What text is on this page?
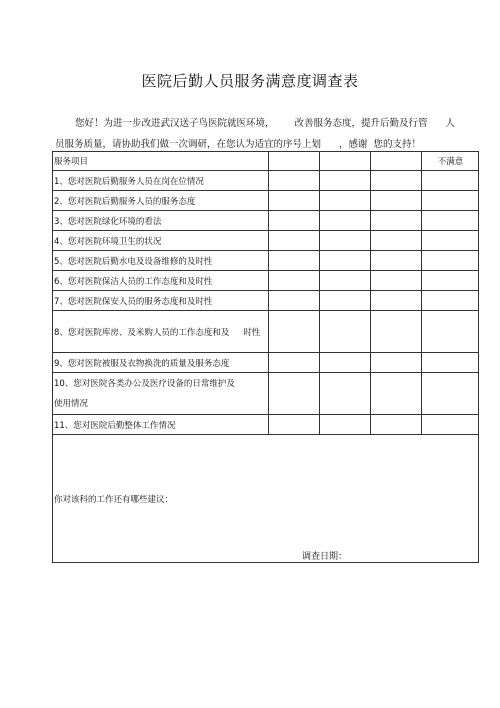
医院后勤人员服务满意度调查表
您好！为进一步改进武汉送子鸟医院就医环境， 改善服务态度，提升后勤及行管 人
员服务质量，请协助我们做一次调研，在您认为适宜的序号上划 ，感谢 您的支持！
服务项目				不满意
1、您对医院后勤服务人员在岗在位情况				
2、您对医院后勤服务人员的服务态度				
3、您对医院绿化环境的看法				
4、您对医院环境卫生的状况				
5、您对医院后勤水电及设备维修的及时性				
6、您对医院保洁人员的工作态度和及时性				
7、您对医院保安人员的服务态度和及时性				
8、您对医院库房、及米购人员的工作态度和及 时性				
9、您对医院被服及衣物换洗的质量及服务态度				

10、您对医院各类办公及医疗设备的日常维护及
使用情况				

11、您对医院后勤整体工作情况				
你对该科的工作还有哪些建议：				
调查日期：
